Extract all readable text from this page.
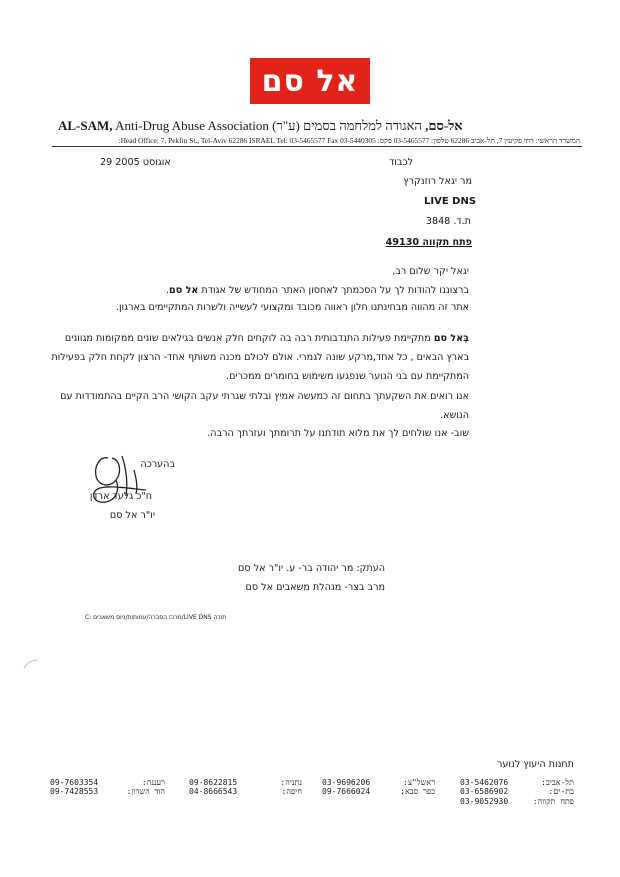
אל סם
AL-SAM, Anti-Drug Abuse Association	אל-סם, האגודה למלחמה בסמים (ע"ר)
המשרד הראשי: רחי פקיעין 7, תל-אביב 62286 טלפון: 03-5465577 פקס: 03-5440305 Head Office: 7, Pekfin St., Tel-Aviv 62286 ISRAEL Tel: 03-5465577 Fax:
לכבוד
29 אוגוסט 2005
מר יגאל רוזנקרץ
LIVE DNS
ת.ד. 3848
פתח תקווה 49130
יגאל יקר שלום רב,
ברצוננו להודות לך על הסכמתך לאחסון האתר המחודש של אגודת אל סם.
אתר זה מהווה מבחינתנו חלון ראווה מכובד ומקצועי לעשייה ולשרות המתקיימים בארגון.
בְּאל סם מתקיימת פעילות התנדבותית רבה בה לוקחים חלק אנשים בגילאים שונים ממקומות מגוונים
בארץ הבאים , כל אחד,מרקע שונה לגמרי. אולם לכולם מכנה משותף אחד- הרצון לקחת חלק בפעילות
המתקיימת עם בני הנוער שנפגעו משימוש בחומרים ממכרים.
אנו רואים את השקעתך בתחום זה כמעשה אמיץ ובלתי שגרתי עקב הקושי הרב הקיים בהתמודדות עם
הנושא.
שוב- אנו שולחים לך את מלוא תודתנו על תרומתך ועזרתך הרבה.
בהערכה
ח"כ גלעד ארדן
יו"ר אל סם
העתק: מר יהודה בר- ע. יו"ר אל סם
מרב בצר- מנהלת משאבים אל סם
תודה LIVE DNS/מרכז הסברה/עמותות/ניוס משאבים :C
תחנות היעוץ לנוער
תל-אביב:
03-5462076
בת-ים:
03-6586902
פתח תקווה:
03-9052930
ראשל"צ:
03-9696206
כפר סבא:
09-7666024
נתניה:
09-8622815
חיפה:
04-8666543
רעננה:
09-7603354
הוד השרון:
09-7428553
